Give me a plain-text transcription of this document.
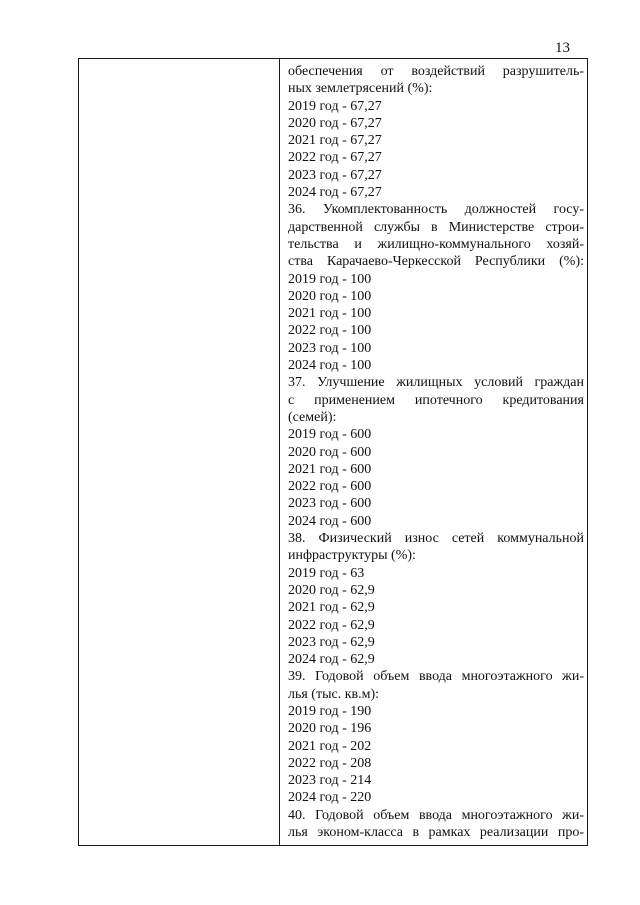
13
обеспечения от воздействий разрушитель-
ных землетрясений (%):
2019 год - 67,27
2020 год - 67,27
2021 год - 67,27
2022 год - 67,27
2023 год - 67,27
2024 год - 67,27
36. Укомплектованность должностей госу-
дарственной службы в Министерстве строи-
тельства и жилищно-коммунального хозяй-
ства Карачаево-Черкесской Республики (%):
2019 год - 100
2020 год - 100
2021 год - 100
2022 год - 100
2023 год - 100
2024 год - 100
37. Улучшение жилищных условий граждан
с применением ипотечного кредитования
(семей):
2019 год - 600
2020 год - 600
2021 год - 600
2022 год - 600
2023 год - 600
2024 год - 600
38. Физический износ сетей коммунальной
инфраструктуры (%):
2019 год - 63
2020 год - 62,9
2021 год - 62,9
2022 год - 62,9
2023 год - 62,9
2024 год - 62,9
39. Годовой объем ввода многоэтажного жи-
лья (тыс. кв.м):
2019 год - 190
2020 год - 196
2021 год - 202
2022 год - 208
2023 год - 214
2024 год - 220
40. Годовой объем ввода многоэтажного жи-
лья эконом-класса в рамках реализации про-
